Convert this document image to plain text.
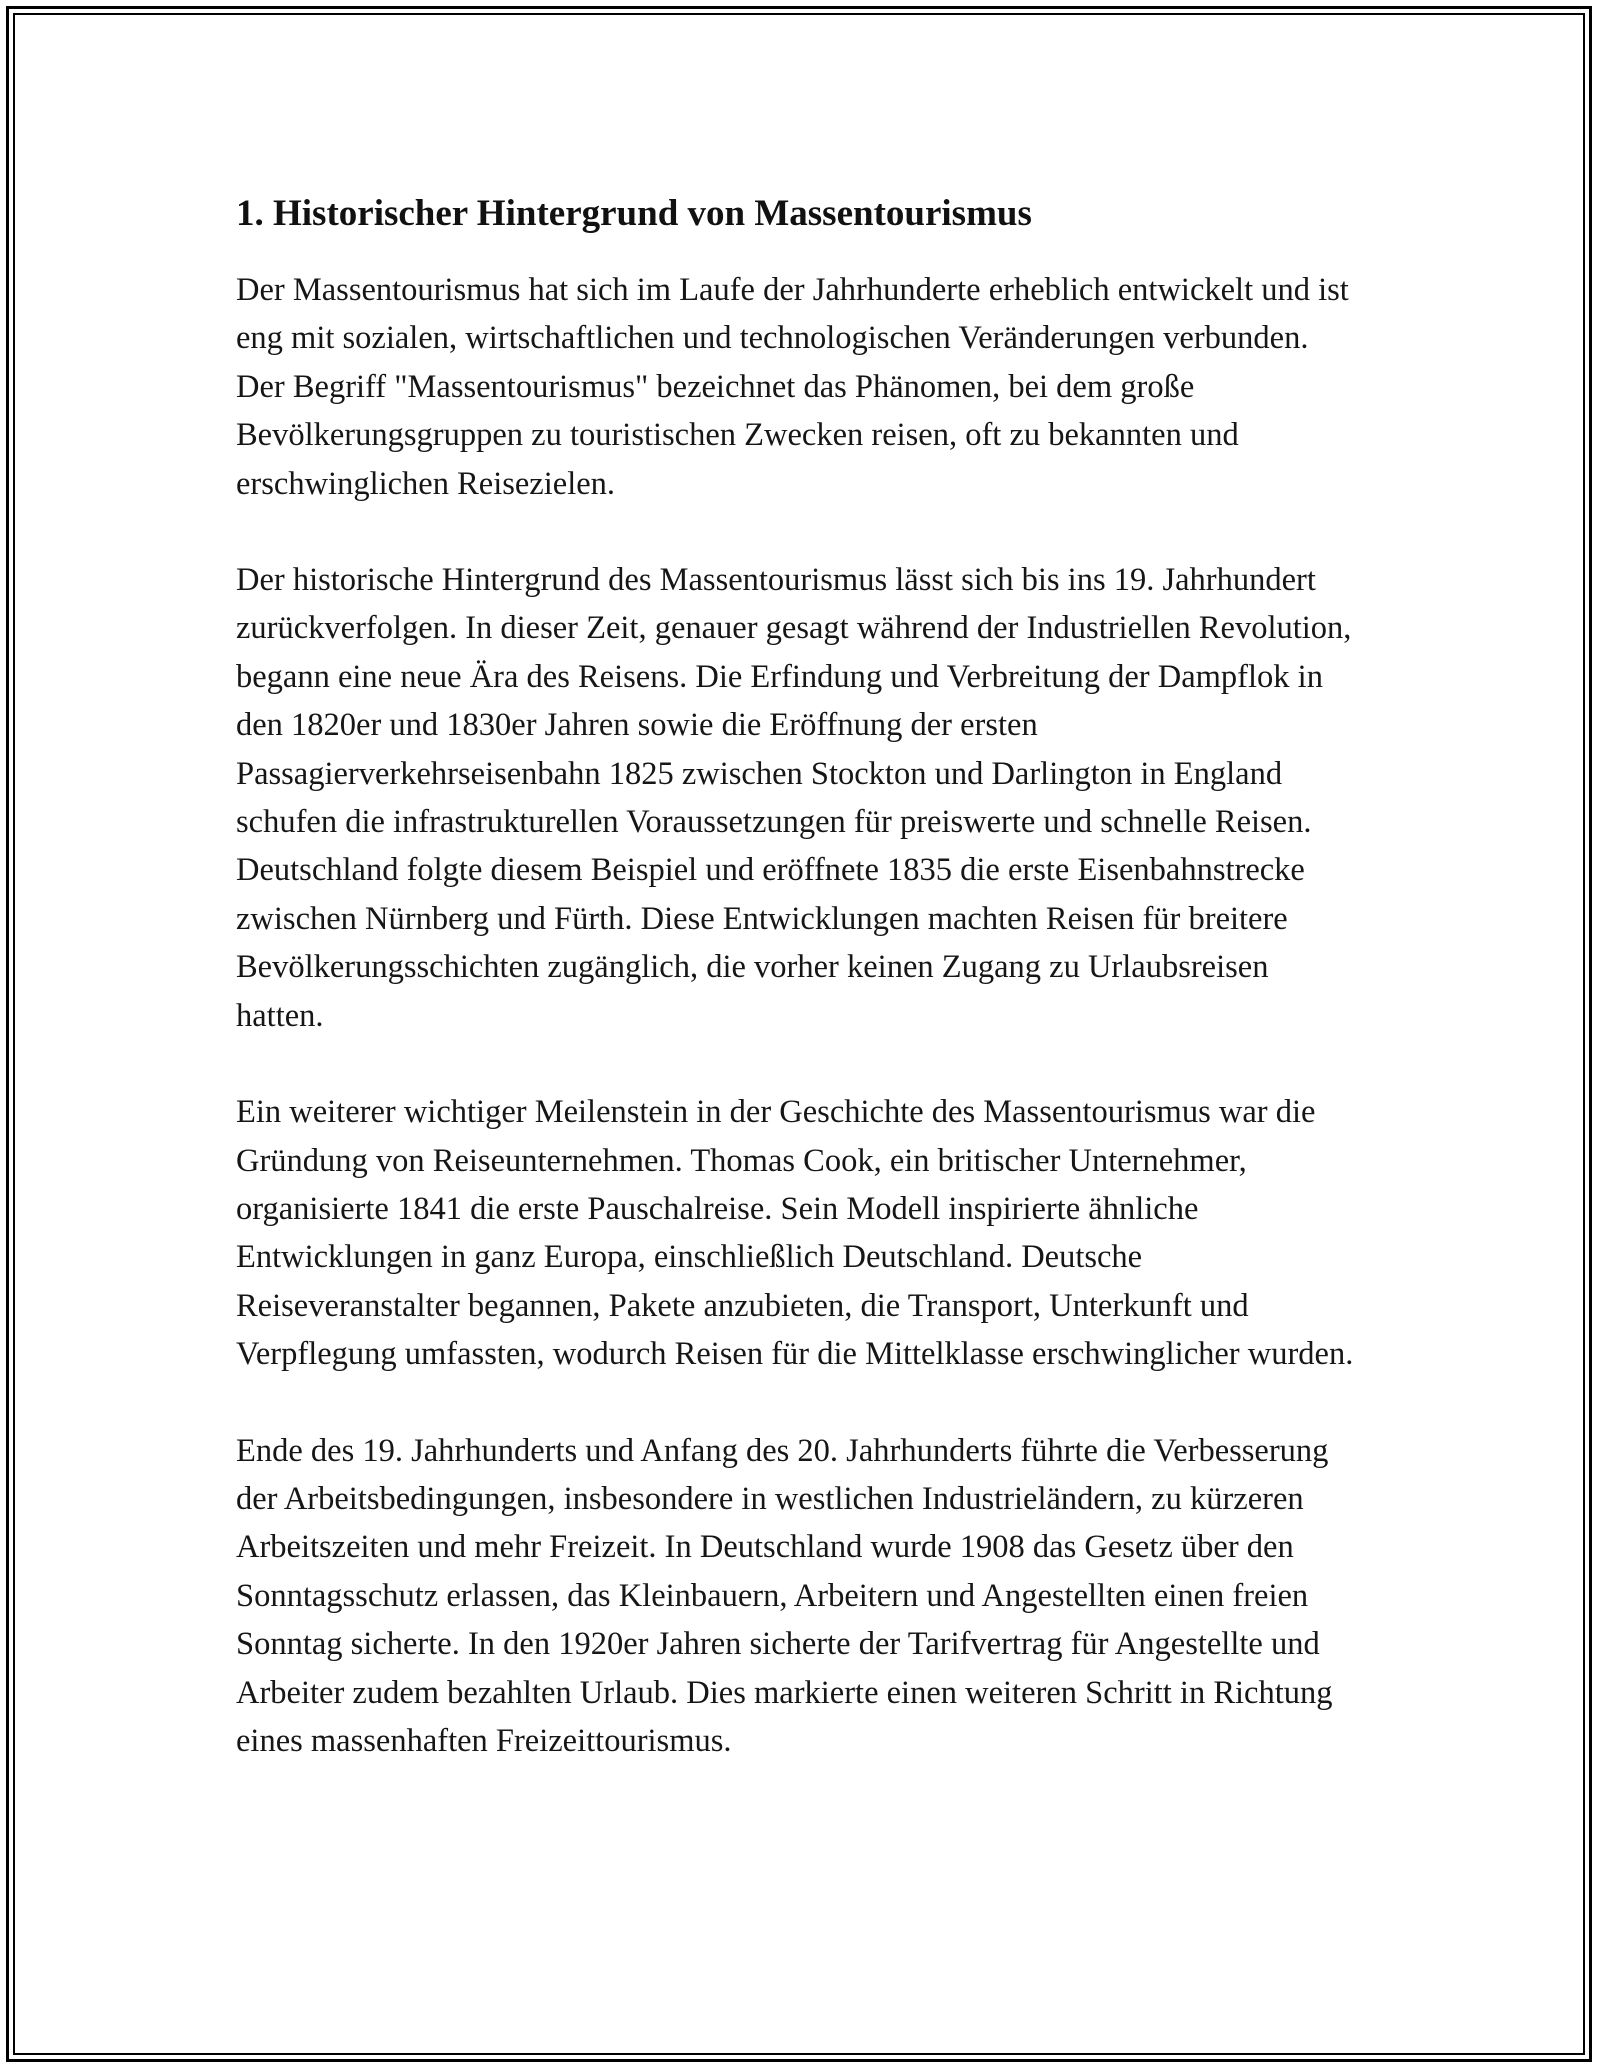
1. Historischer Hintergrund von Massentourismus

Der Massentourismus hat sich im Laufe der Jahrhunderte erheblich entwickelt und ist eng mit sozialen, wirtschaftlichen und technologischen Veränderungen verbunden. Der Begriff "Massentourismus" bezeichnet das Phänomen, bei dem große Bevölkerungsgruppen zu touristischen Zwecken reisen, oft zu bekannten und erschwinglichen Reisezielen.

Der historische Hintergrund des Massentourismus lässt sich bis ins 19. Jahrhundert zurückverfolgen. In dieser Zeit, genauer gesagt während der Industriellen Revolution, begann eine neue Ära des Reisens. Die Erfindung und Verbreitung der Dampflok in den 1820er und 1830er Jahren sowie die Eröffnung der ersten Passagierverkehrseisenbahn 1825 zwischen Stockton und Darlington in England schufen die infrastrukturellen Voraussetzungen für preiswerte und schnelle Reisen. Deutschland folgte diesem Beispiel und eröffnete 1835 die erste Eisenbahnstrecke zwischen Nürnberg und Fürth. Diese Entwicklungen machten Reisen für breitere Bevölkerungsschichten zugänglich, die vorher keinen Zugang zu Urlaubsreisen hatten.

Ein weiterer wichtiger Meilenstein in der Geschichte des Massentourismus war die Gründung von Reiseunternehmen. Thomas Cook, ein britischer Unternehmer, organisierte 1841 die erste Pauschalreise. Sein Modell inspirierte ähnliche Entwicklungen in ganz Europa, einschließlich Deutschland. Deutsche Reiseveranstalter begannen, Pakete anzubieten, die Transport, Unterkunft und Verpflegung umfassten, wodurch Reisen für die Mittelklasse erschwinglicher wurden.

Ende des 19. Jahrhunderts und Anfang des 20. Jahrhunderts führte die Verbesserung der Arbeitsbedingungen, insbesondere in westlichen Industrieländern, zu kürzeren Arbeitszeiten und mehr Freizeit. In Deutschland wurde 1908 das Gesetz über den Sonntagsschutz erlassen, das Kleinbauern, Arbeitern und Angestellten einen freien Sonntag sicherte. In den 1920er Jahren sicherte der Tarifvertrag für Angestellte und Arbeiter zudem bezahlten Urlaub. Dies markierte einen weiteren Schritt in Richtung eines massenhaften Freizeittourismus.
